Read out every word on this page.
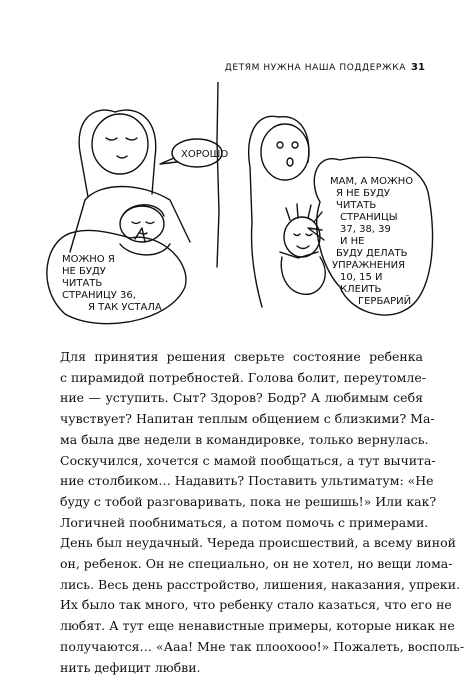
ДЕТЯМ НУЖНА НАША ПОДДЕРЖКА 31
ХОРОШО
МОЖНО Я
НЕ БУДУ
ЧИТАТЬ
СТРАНИЦУ 36,
Я ТАК УСТАЛА
МАМ, А МОЖНО
Я НЕ БУДУ
ЧИТАТЬ
СТРАНИЦЫ
37, 38, 39
И НЕ
БУДУ ДЕЛАТЬ
УПРАЖНЕНИЯ
10, 15 И
КЛЕИТЬ
ГЕРБАРИЙ
Для принятия решения сверьте состояние ребенка
с пирамидой потребностей. Голова болит, переутомле-
ние — уступить. Сыт? Здоров? Бодр? А любимым себя
чувствует? Напитан теплым общением с близкими? Ма-
ма была две недели в командировке, только вернулась.
Соскучился, хочется с мамой пообщаться, а тут вычита-
ние столбиком… Надавить? Поставить ультиматум: «Не
буду с тобой разговаривать, пока не решишь!» Или как?
Логичней пообниматься, а потом помочь с примерами.
День был неудачный. Череда происшествий, а всему виной
он, ребенок. Он не специально, он не хотел, но вещи лома-
лись. Весь день расстройство, лишения, наказания, упреки.
Их было так много, что ребенку стало казаться, что его не
любят. А тут еще ненавистные примеры, которые никак не
получаются… «Ааа! Мне так плоохооо!» Пожалеть, восполь-
нить дефицит любви.
